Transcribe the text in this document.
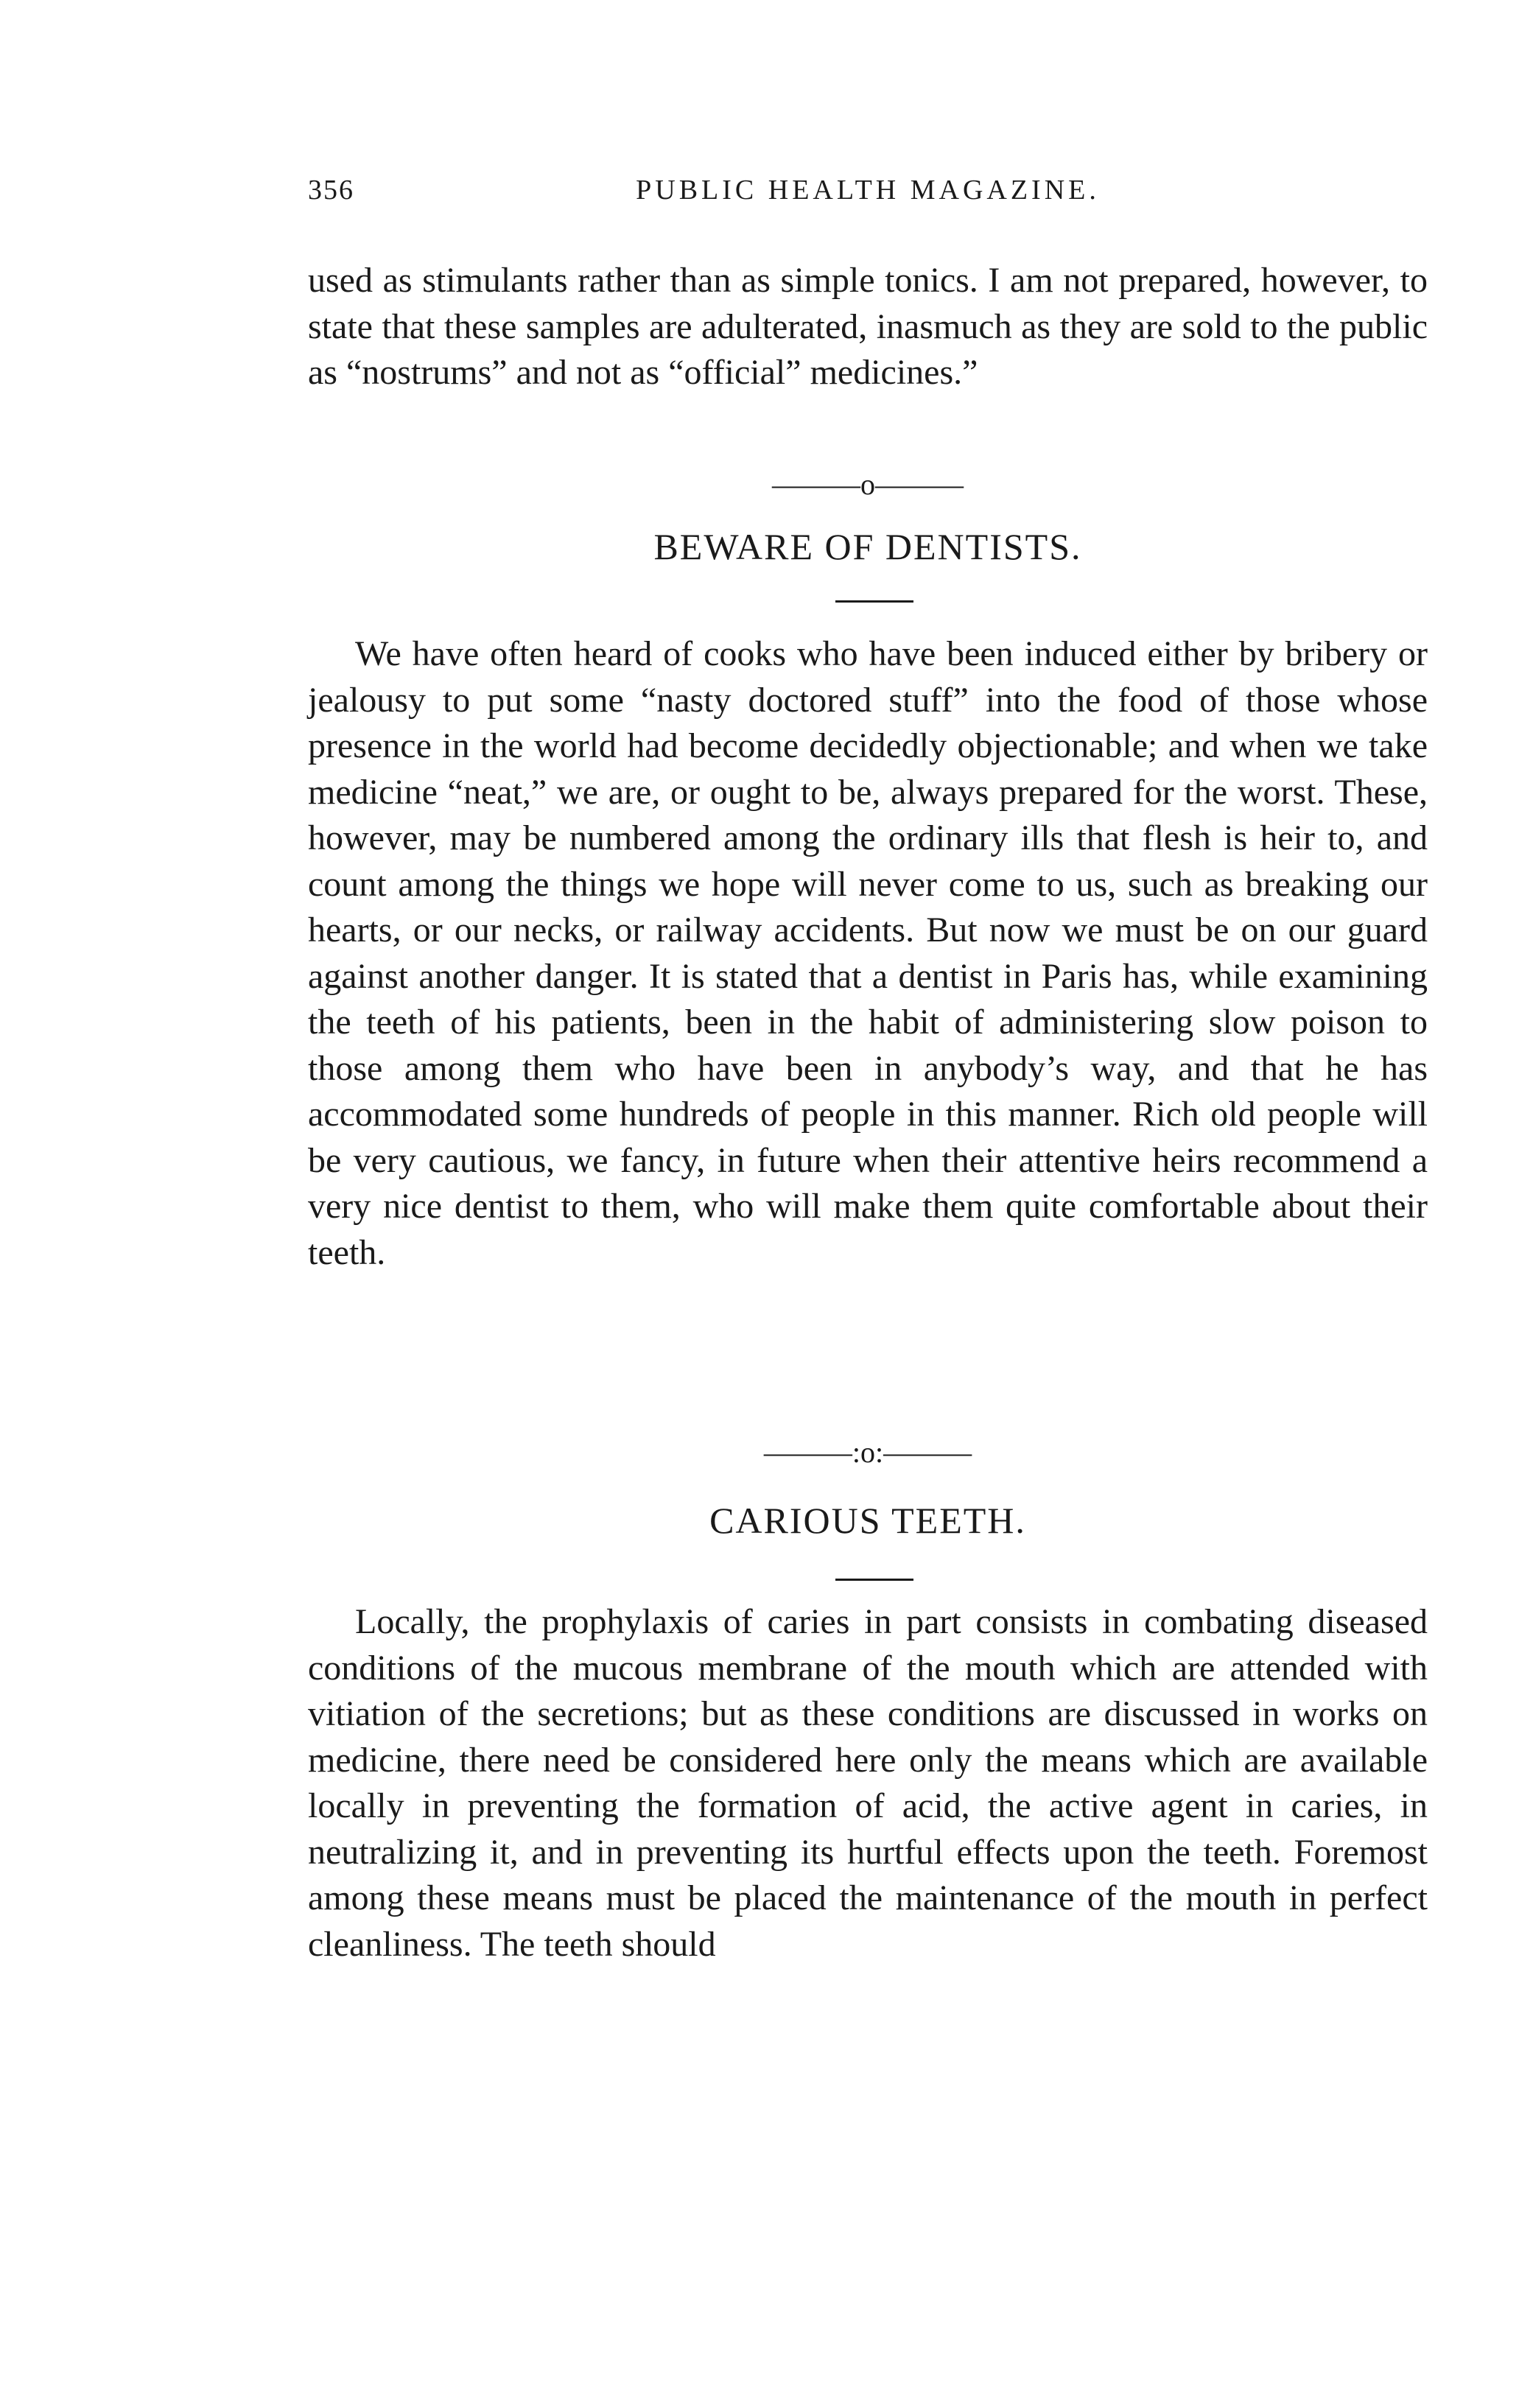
356	PUBLIC HEALTH MAGAZINE.

used as stimulants rather than as simple tonics. I am not prepared, however, to state that these samples are adulterated, inasmuch as they are sold to the public as “nostrums” and not as “official” medicines.”

———o———
BEWARE OF DENTISTS.

We have often heard of cooks who have been induced either by bribery or jealousy to put some “nasty doctored stuff” into the food of those whose presence in the world had become decidedly objectionable; and when we take medicine “neat,” we are, or ought to be, always prepared for the worst. These, however, may be numbered among the ordinary ills that flesh is heir to, and count among the things we hope will never come to us, such as breaking our hearts, or our necks, or railway accidents. But now we must be on our guard against another danger. It is stated that a dentist in Paris has, while examining the teeth of his patients, been in the habit of administering slow poison to those among them who have been in anybody’s way, and that he has accommodated some hundreds of people in this manner. Rich old people will be very cautious, we fancy, in future when their attentive heirs recommend a very nice dentist to them, who will make them quite comfortable about their teeth.

———:o:———
CARIOUS TEETH.

Locally, the prophylaxis of caries in part consists in combating diseased conditions of the mucous membrane of the mouth which are attended with vitiation of the secretions; but as these conditions are discussed in works on medicine, there need be considered here only the means which are available locally in preventing the formation of acid, the active agent in caries, in neutralizing it, and in preventing its hurtful effects upon the teeth. Foremost among these means must be placed the maintenance of the mouth in perfect cleanliness. The teeth should
